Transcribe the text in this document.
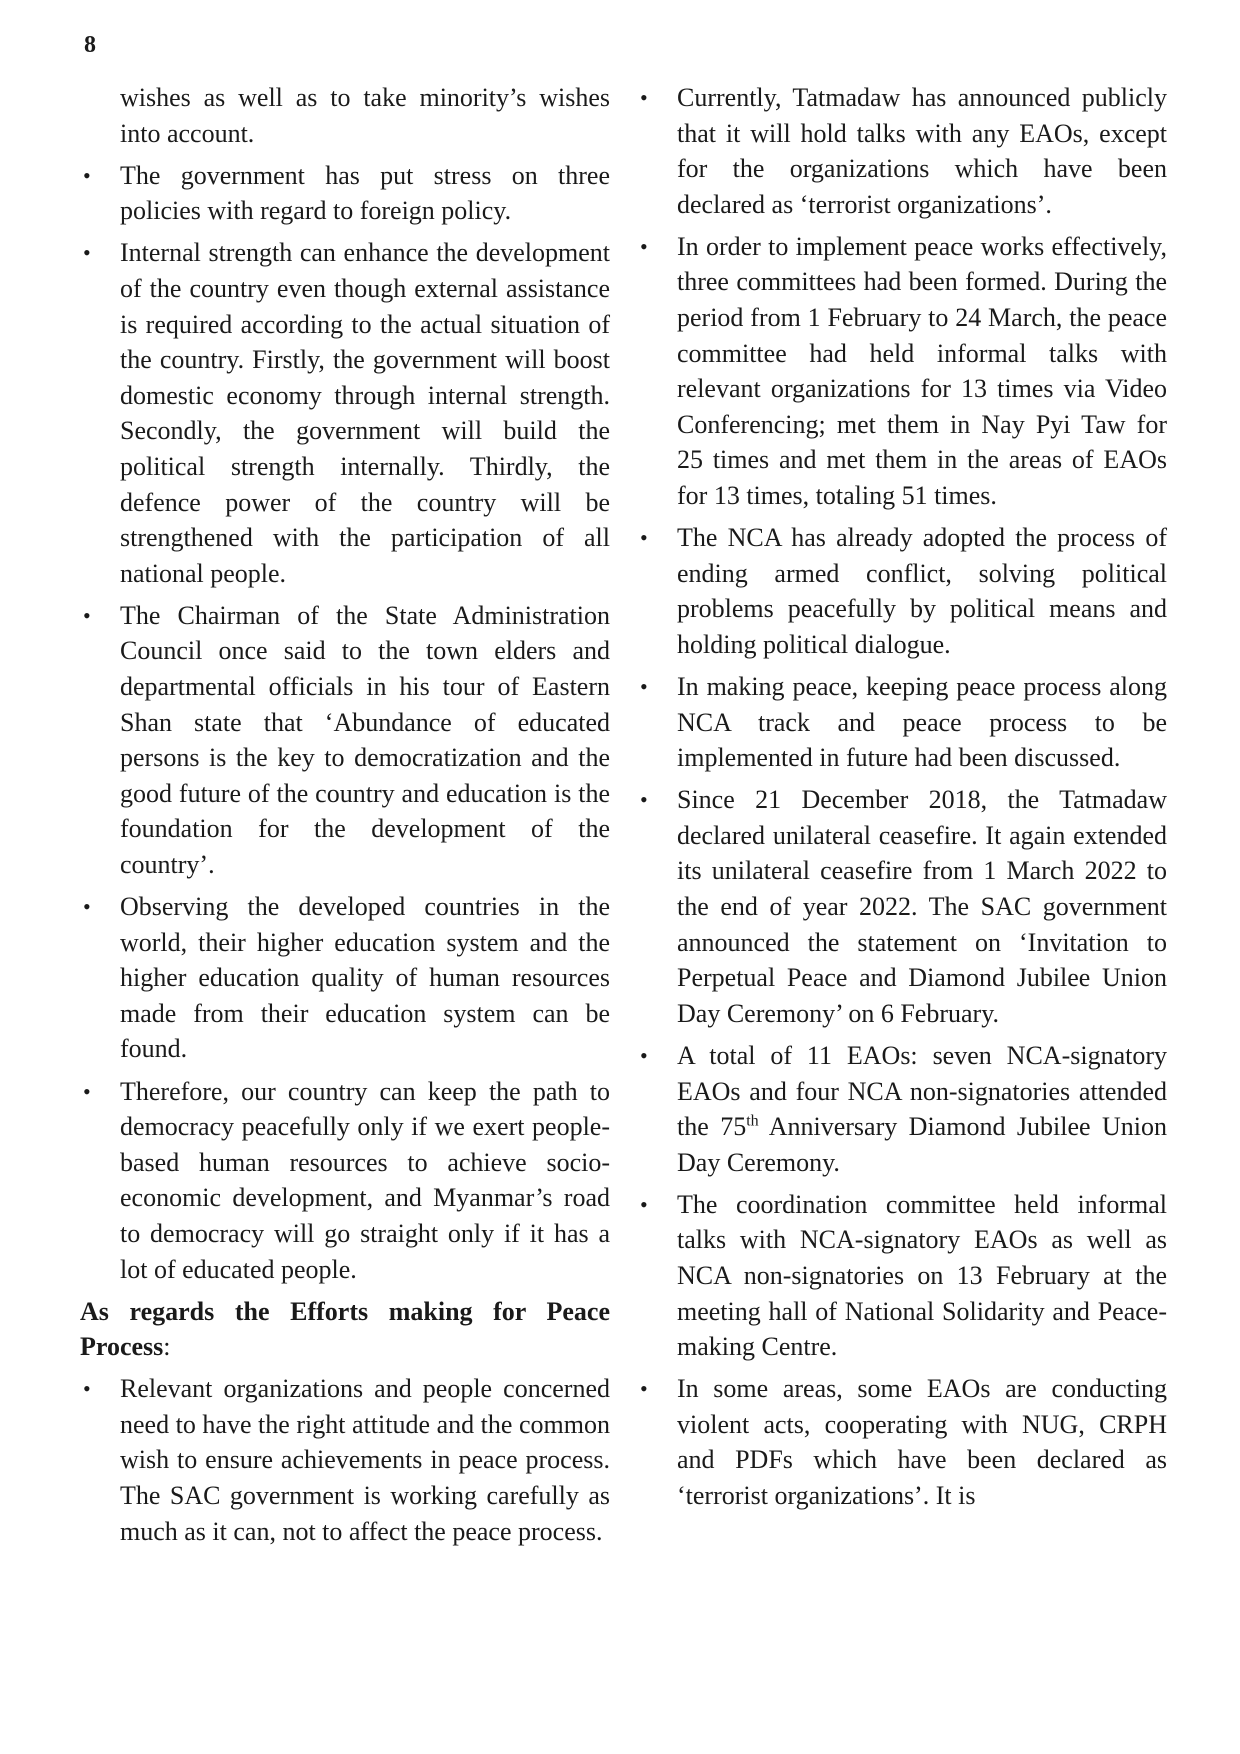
8

wishes as well as to take minority’s wishes into account.

• The government has put stress on three policies with regard to foreign policy.

• Internal strength can enhance the development of the country even though external assistance is required according to the actual situation of the country. Firstly, the government will boost domestic economy through internal strength. Secondly, the government will build the political strength internally. Thirdly, the defence power of the country will be strengthened with the participation of all national people.

• The Chairman of the State Administration Council once said to the town elders and departmental officials in his tour of Eastern Shan state that ‘Abundance of educated persons is the key to democratization and the good future of the country and education is the foundation for the development of the country’.

• Observing the developed countries in the world, their higher education system and the higher education quality of human resources made from their education system can be found.

• Therefore, our country can keep the path to democracy peacefully only if we exert people-based human resources to achieve socio-economic development, and Myanmar’s road to democracy will go straight only if it has a lot of educated people.

As regards the Efforts making for Peace Process:

• Relevant organizations and people concerned need to have the right attitude and the common wish to ensure achievements in peace process. The SAC government is working carefully as much as it can, not to affect the peace process.

• Currently, Tatmadaw has announced publicly that it will hold talks with any EAOs, except for the organizations which have been declared as ‘terrorist organizations’.

• In order to implement peace works effectively, three committees had been formed. During the period from 1 February to 24 March, the peace committee had held informal talks with relevant organizations for 13 times via Video Conferencing; met them in Nay Pyi Taw for 25 times and met them in the areas of EAOs for 13 times, totaling 51 times.

• The NCA has already adopted the process of ending armed conflict, solving political problems peacefully by political means and holding political dialogue.

• In making peace, keeping peace process along NCA track and peace process to be implemented in future had been discussed.

• Since 21 December 2018, the Tatmadaw declared unilateral ceasefire. It again extended its unilateral ceasefire from 1 March 2022 to the end of year 2022. The SAC government announced the statement on ‘Invitation to Perpetual Peace and Diamond Jubilee Union Day Ceremony’ on 6 February.

• A total of 11 EAOs: seven NCA-signatory EAOs and four NCA non-signatories attended the 75th Anniversary Diamond Jubilee Union Day Ceremony.

• The coordination committee held informal talks with NCA-signatory EAOs as well as NCA non-signatories on 13 February at the meeting hall of National Solidarity and Peace-making Centre.

• In some areas, some EAOs are conducting violent acts, cooperating with NUG, CRPH and PDFs which have been declared as ‘terrorist organizations’. It is
